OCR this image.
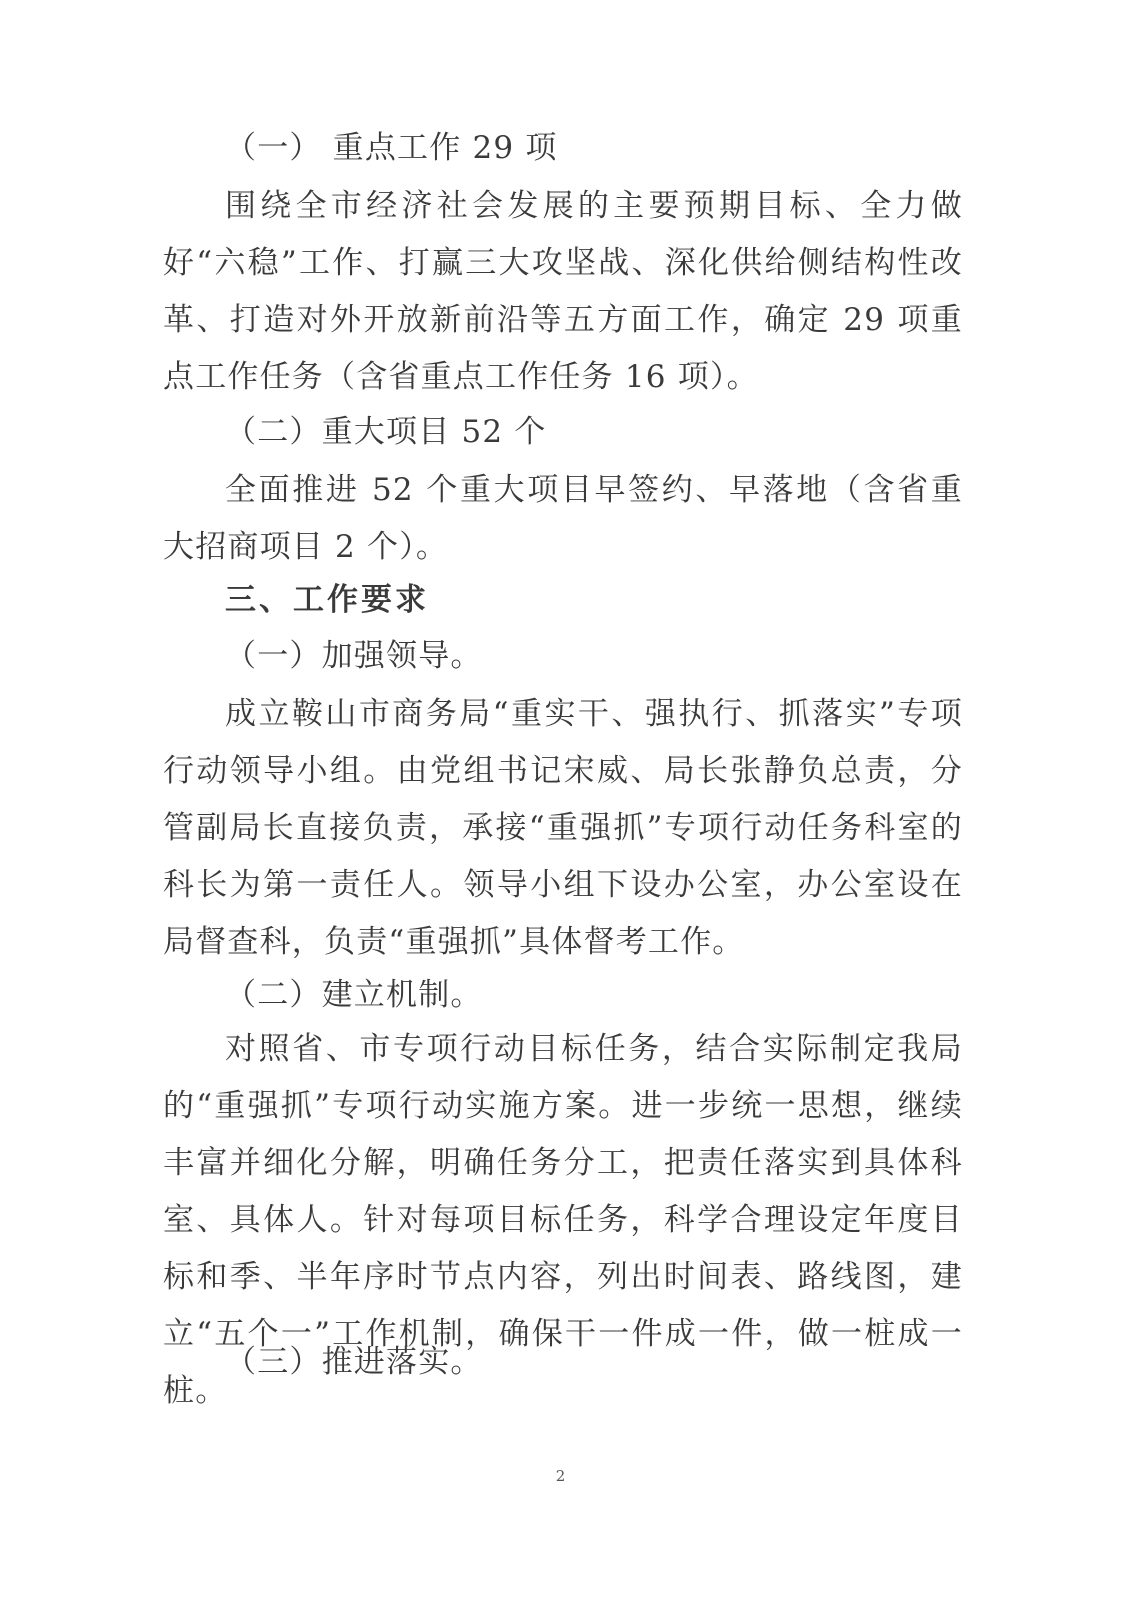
（一） 重点工作 29 项

围绕全市经济社会发展的主要预期目标、全力做好“六稳”工作、打赢三大攻坚战、深化供给侧结构性改革、打造对外开放新前沿等五方面工作，确定 29 项重点工作任务（含省重点工作任务 16 项）。

（二）重大项目 52 个

全面推进 52 个重大项目早签约、早落地（含省重大招商项目 2 个）。

三、工作要求

（一）加强领导。

成立鞍山市商务局“重实干、强执行、抓落实”专项行动领导小组。由党组书记宋威、局长张静负总责，分管副局长直接负责，承接“重强抓”专项行动任务科室的科长为第一责任人。领导小组下设办公室，办公室设在局督查科，负责“重强抓”具体督考工作。

（二）建立机制。

对照省、市专项行动目标任务，结合实际制定我局的“重强抓”专项行动实施方案。进一步统一思想，继续丰富并细化分解，明确任务分工，把责任落实到具体科室、具体人。针对每项目标任务，科学合理设定年度目标和季、半年序时节点内容，列出时间表、路线图，建立“五个一”工作机制，确保干一件成一件，做一桩成一桩。

（三）推进落实。

2
